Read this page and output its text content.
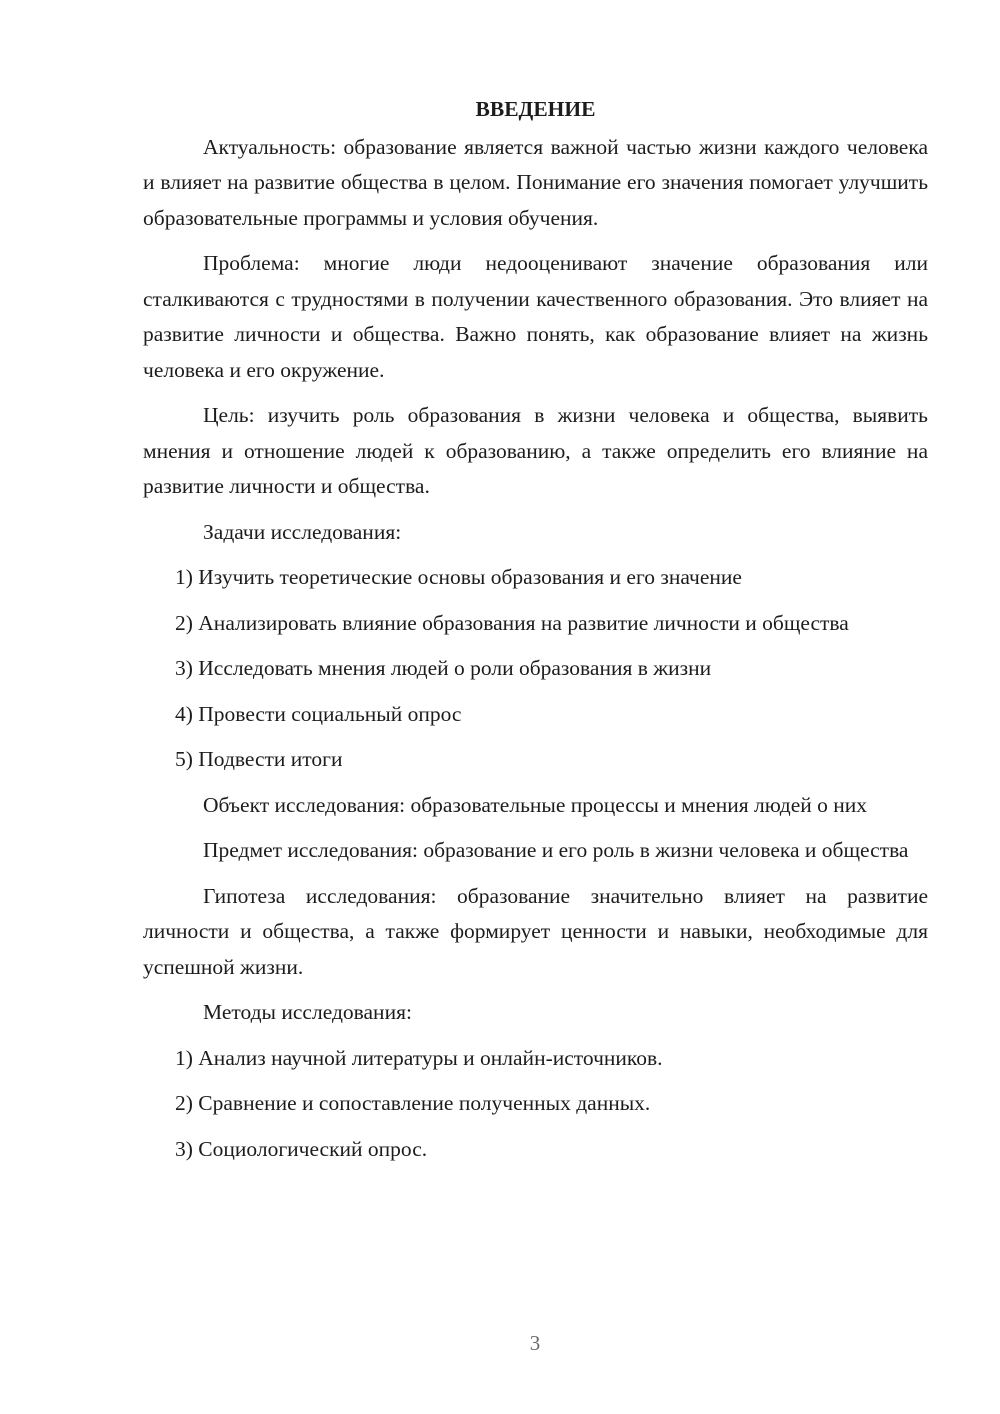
ВВЕДЕНИЕ

Актуальность: образование является важной частью жизни каждого человека и влияет на развитие общества в целом. Понимание его значения помогает улучшить образовательные программы и условия обучения.

Проблема: многие люди недооценивают значение образования или сталкиваются с трудностями в получении качественного образования. Это влияет на развитие личности и общества. Важно понять, как образование влияет на жизнь человека и его окружение.

Цель: изучить роль образования в жизни человека и общества, выявить мнения и отношение людей к образованию, а также определить его влияние на развитие личности и общества.

Задачи исследования:

1) Изучить теоретические основы образования и его значение

2) Анализировать влияние образования на развитие личности и общества

3) Исследовать мнения людей о роли образования в жизни

4) Провести социальный опрос

5) Подвести итоги

Объект исследования: образовательные процессы и мнения людей о них

Предмет исследования: образование и его роль в жизни человека и общества

Гипотеза исследования: образование значительно влияет на развитие личности и общества, а также формирует ценности и навыки, необходимые для успешной жизни.

Методы исследования:

1) Анализ научной литературы и онлайн-источников.

2) Сравнение и сопоставление полученных данных.

3) Социологический опрос.

3
